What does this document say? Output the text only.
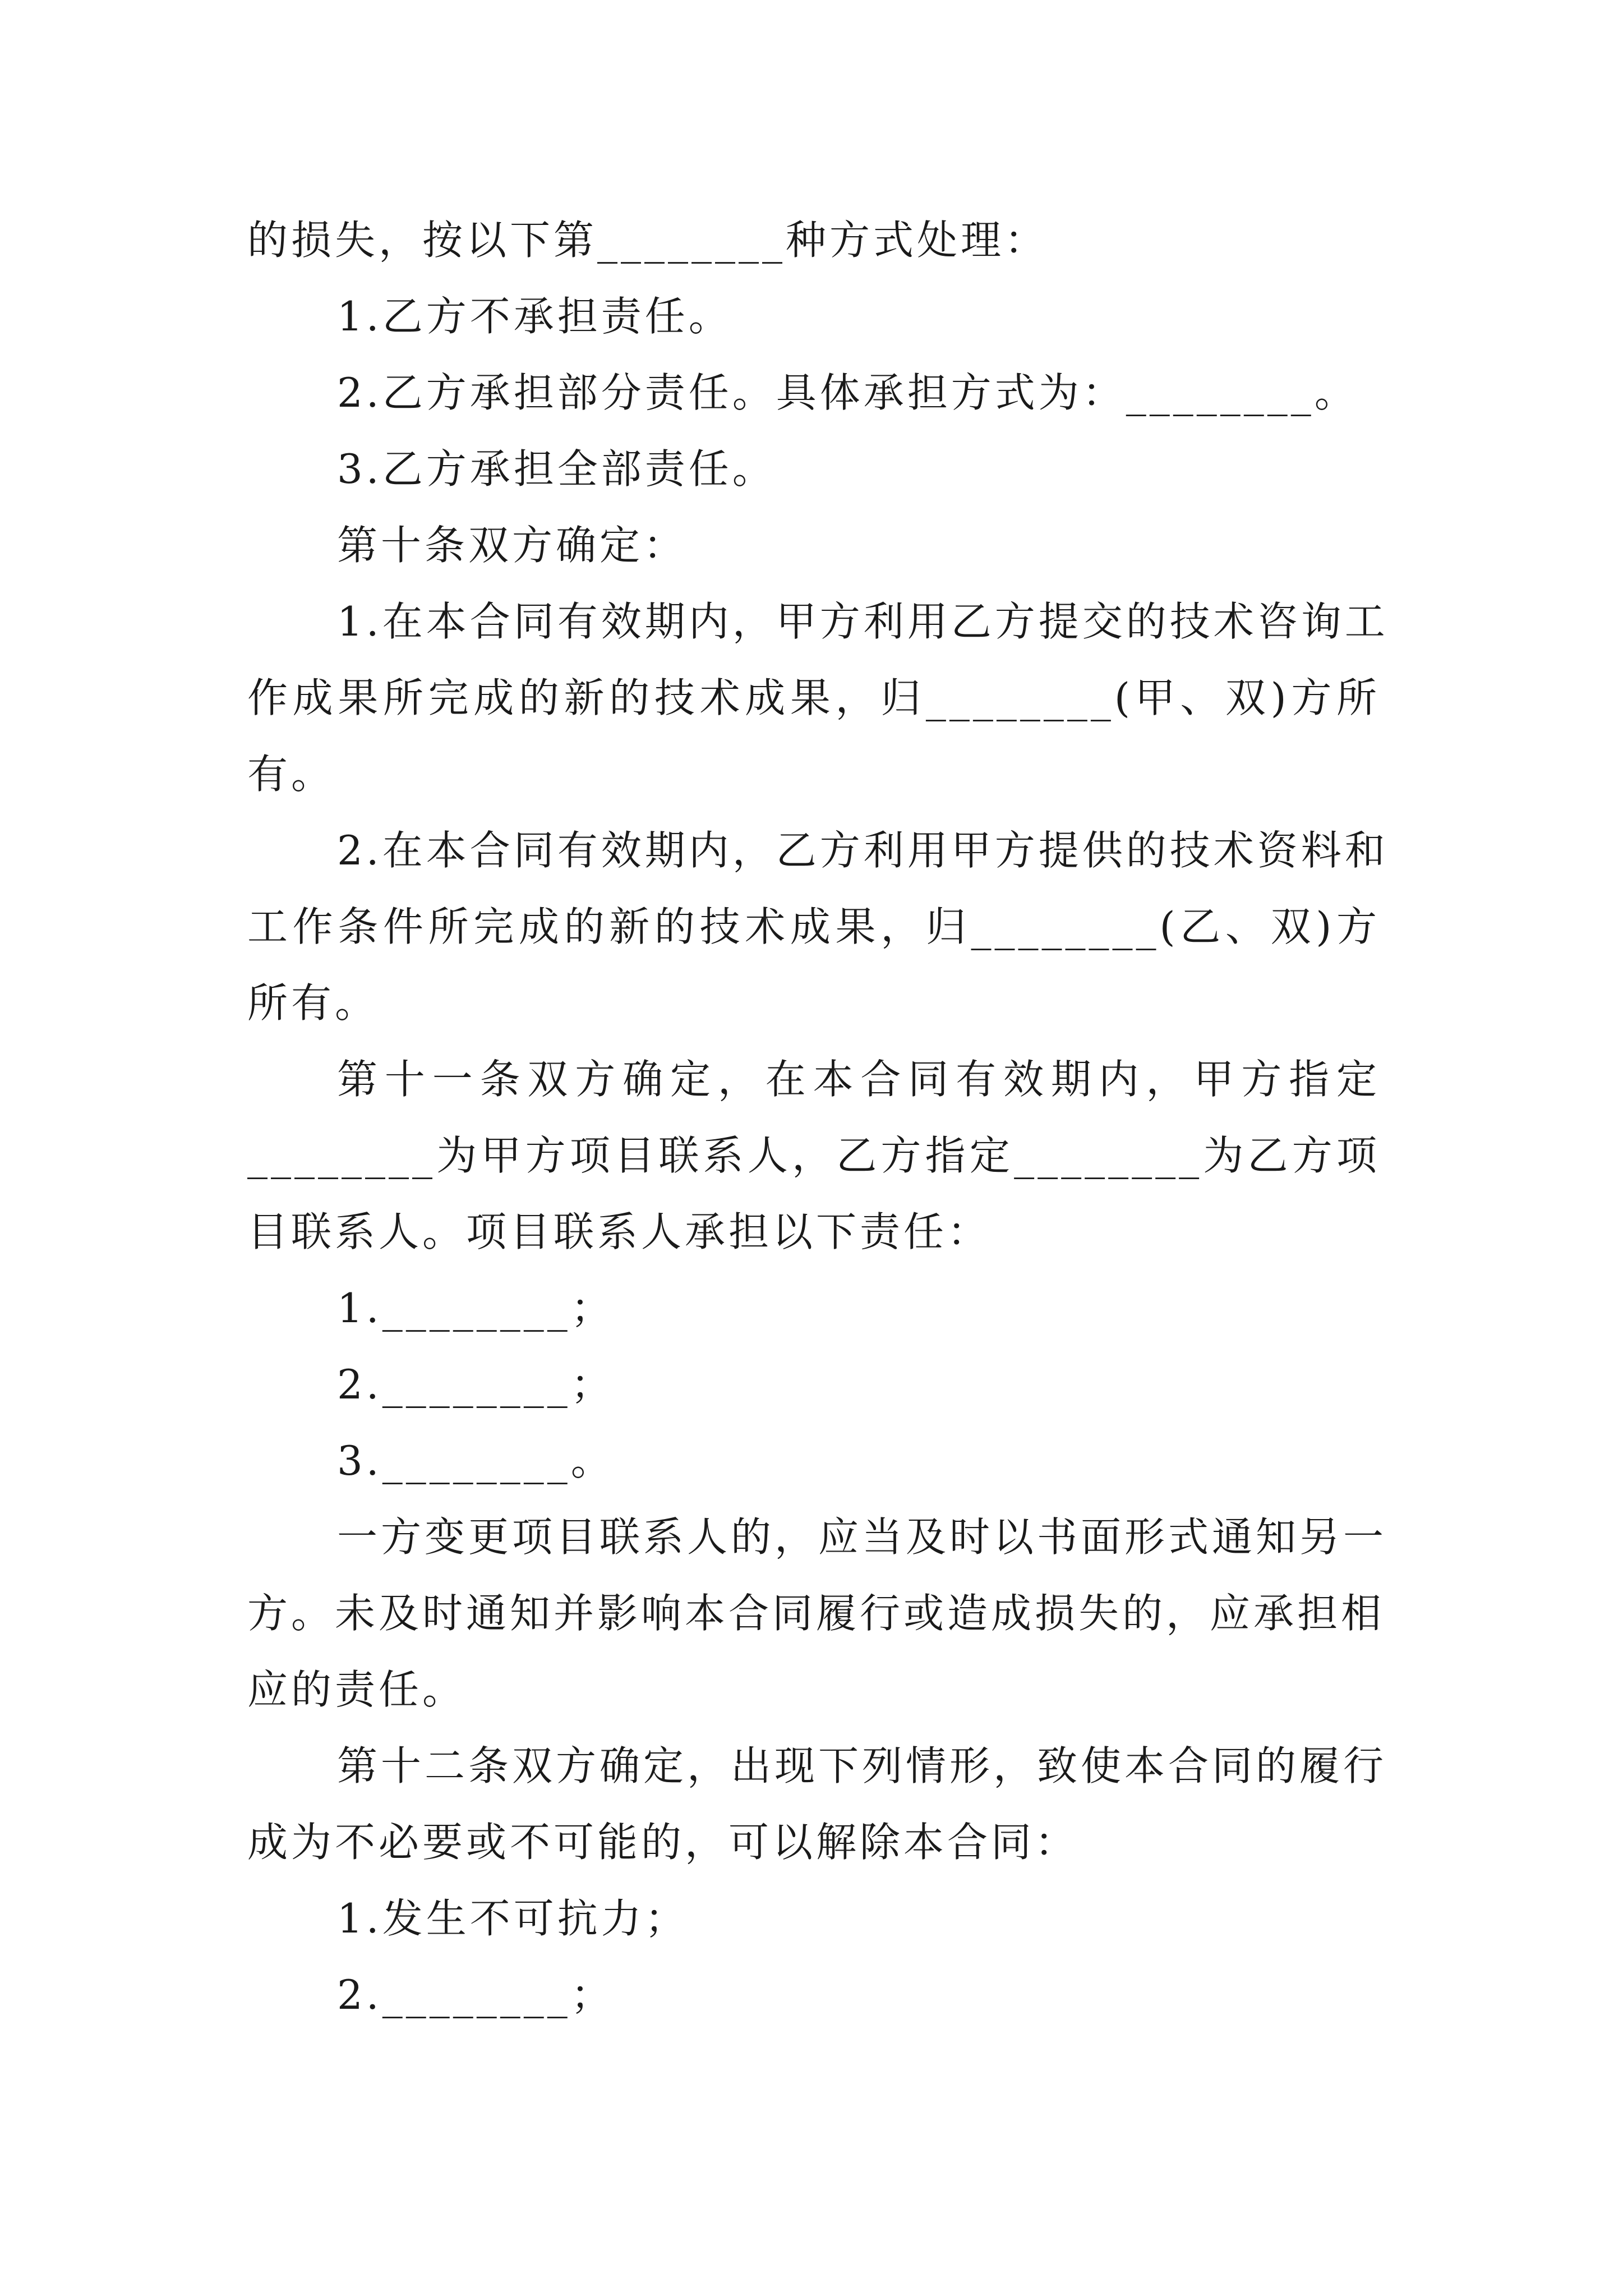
的损失，按以下第________种方式处理：
1.乙方不承担责任。
2.乙方承担部分责任。具体承担方式为：________。
3.乙方承担全部责任。
第十条双方确定：
1.在本合同有效期内，甲方利用乙方提交的技术咨询工
作成果所完成的新的技术成果，归________(甲、双)方所
有。
2.在本合同有效期内，乙方利用甲方提供的技术资料和
工作条件所完成的新的技术成果，归________(乙、双)方
所有。
第十一条双方确定，在本合同有效期内，甲方指定
________为甲方项目联系人，乙方指定________为乙方项
目联系人。项目联系人承担以下责任：
1.________；
2.________；
3.________。
一方变更项目联系人的，应当及时以书面形式通知另一
方。未及时通知并影响本合同履行或造成损失的，应承担相
应的责任。
第十二条双方确定，出现下列情形，致使本合同的履行
成为不必要或不可能的，可以解除本合同：
1.发生不可抗力；
2.________；
